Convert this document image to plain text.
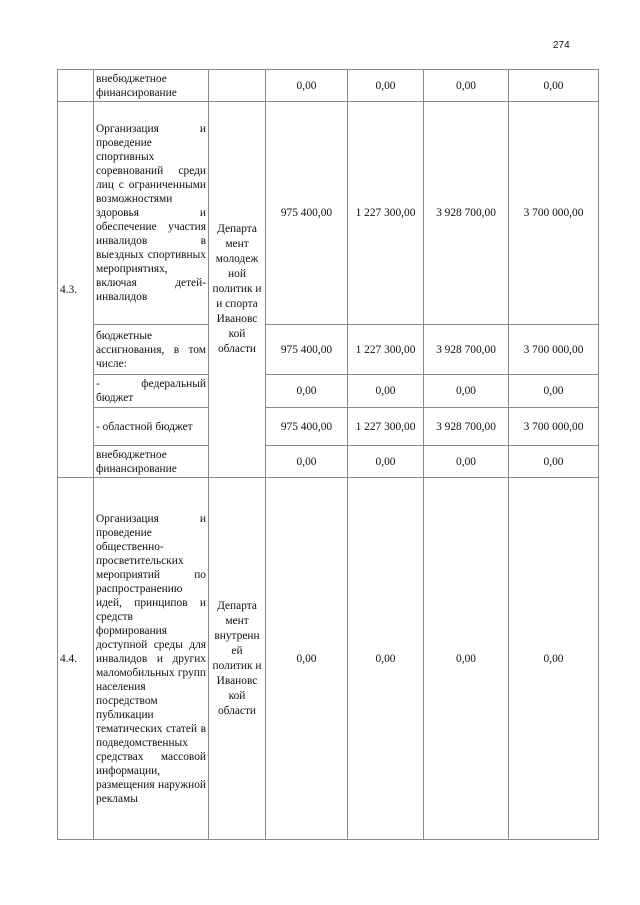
274
	внебюджетное финансирование		0,00	0,00	0,00	0,00
4.3.	Организация и проведение спортивных соревнований среди лиц с ограниченными возможностями здоровья и обеспечение участия инвалидов в выездных спортивных мероприятиях, включая детей-инвалидов	Департа мент молодеж ной политик и и спорта Ивановс кой области	975 400,00	1 227 300,00	3 928 700,00	3 700 000,00
	бюджетные ассигнования, в том числе:		975 400,00	1 227 300,00	3 928 700,00	3 700 000,00
	- федеральный бюджет		0,00	0,00	0,00	0,00
	- областной бюджет		975 400,00	1 227 300,00	3 928 700,00	3 700 000,00
	внебюджетное финансирование		0,00	0,00	0,00	0,00
4.4.	Организация и проведение общественно-просветительских мероприятий по распространению идей, принципов и средств формирования доступной среды для инвалидов и других маломобильных групп населения посредством публикации тематических статей в подведомственных средствах массовой информации, размещения наружной рекламы	Департа мент внутренн ей политик и Ивановс кой области	0,00	0,00	0,00	0,00
